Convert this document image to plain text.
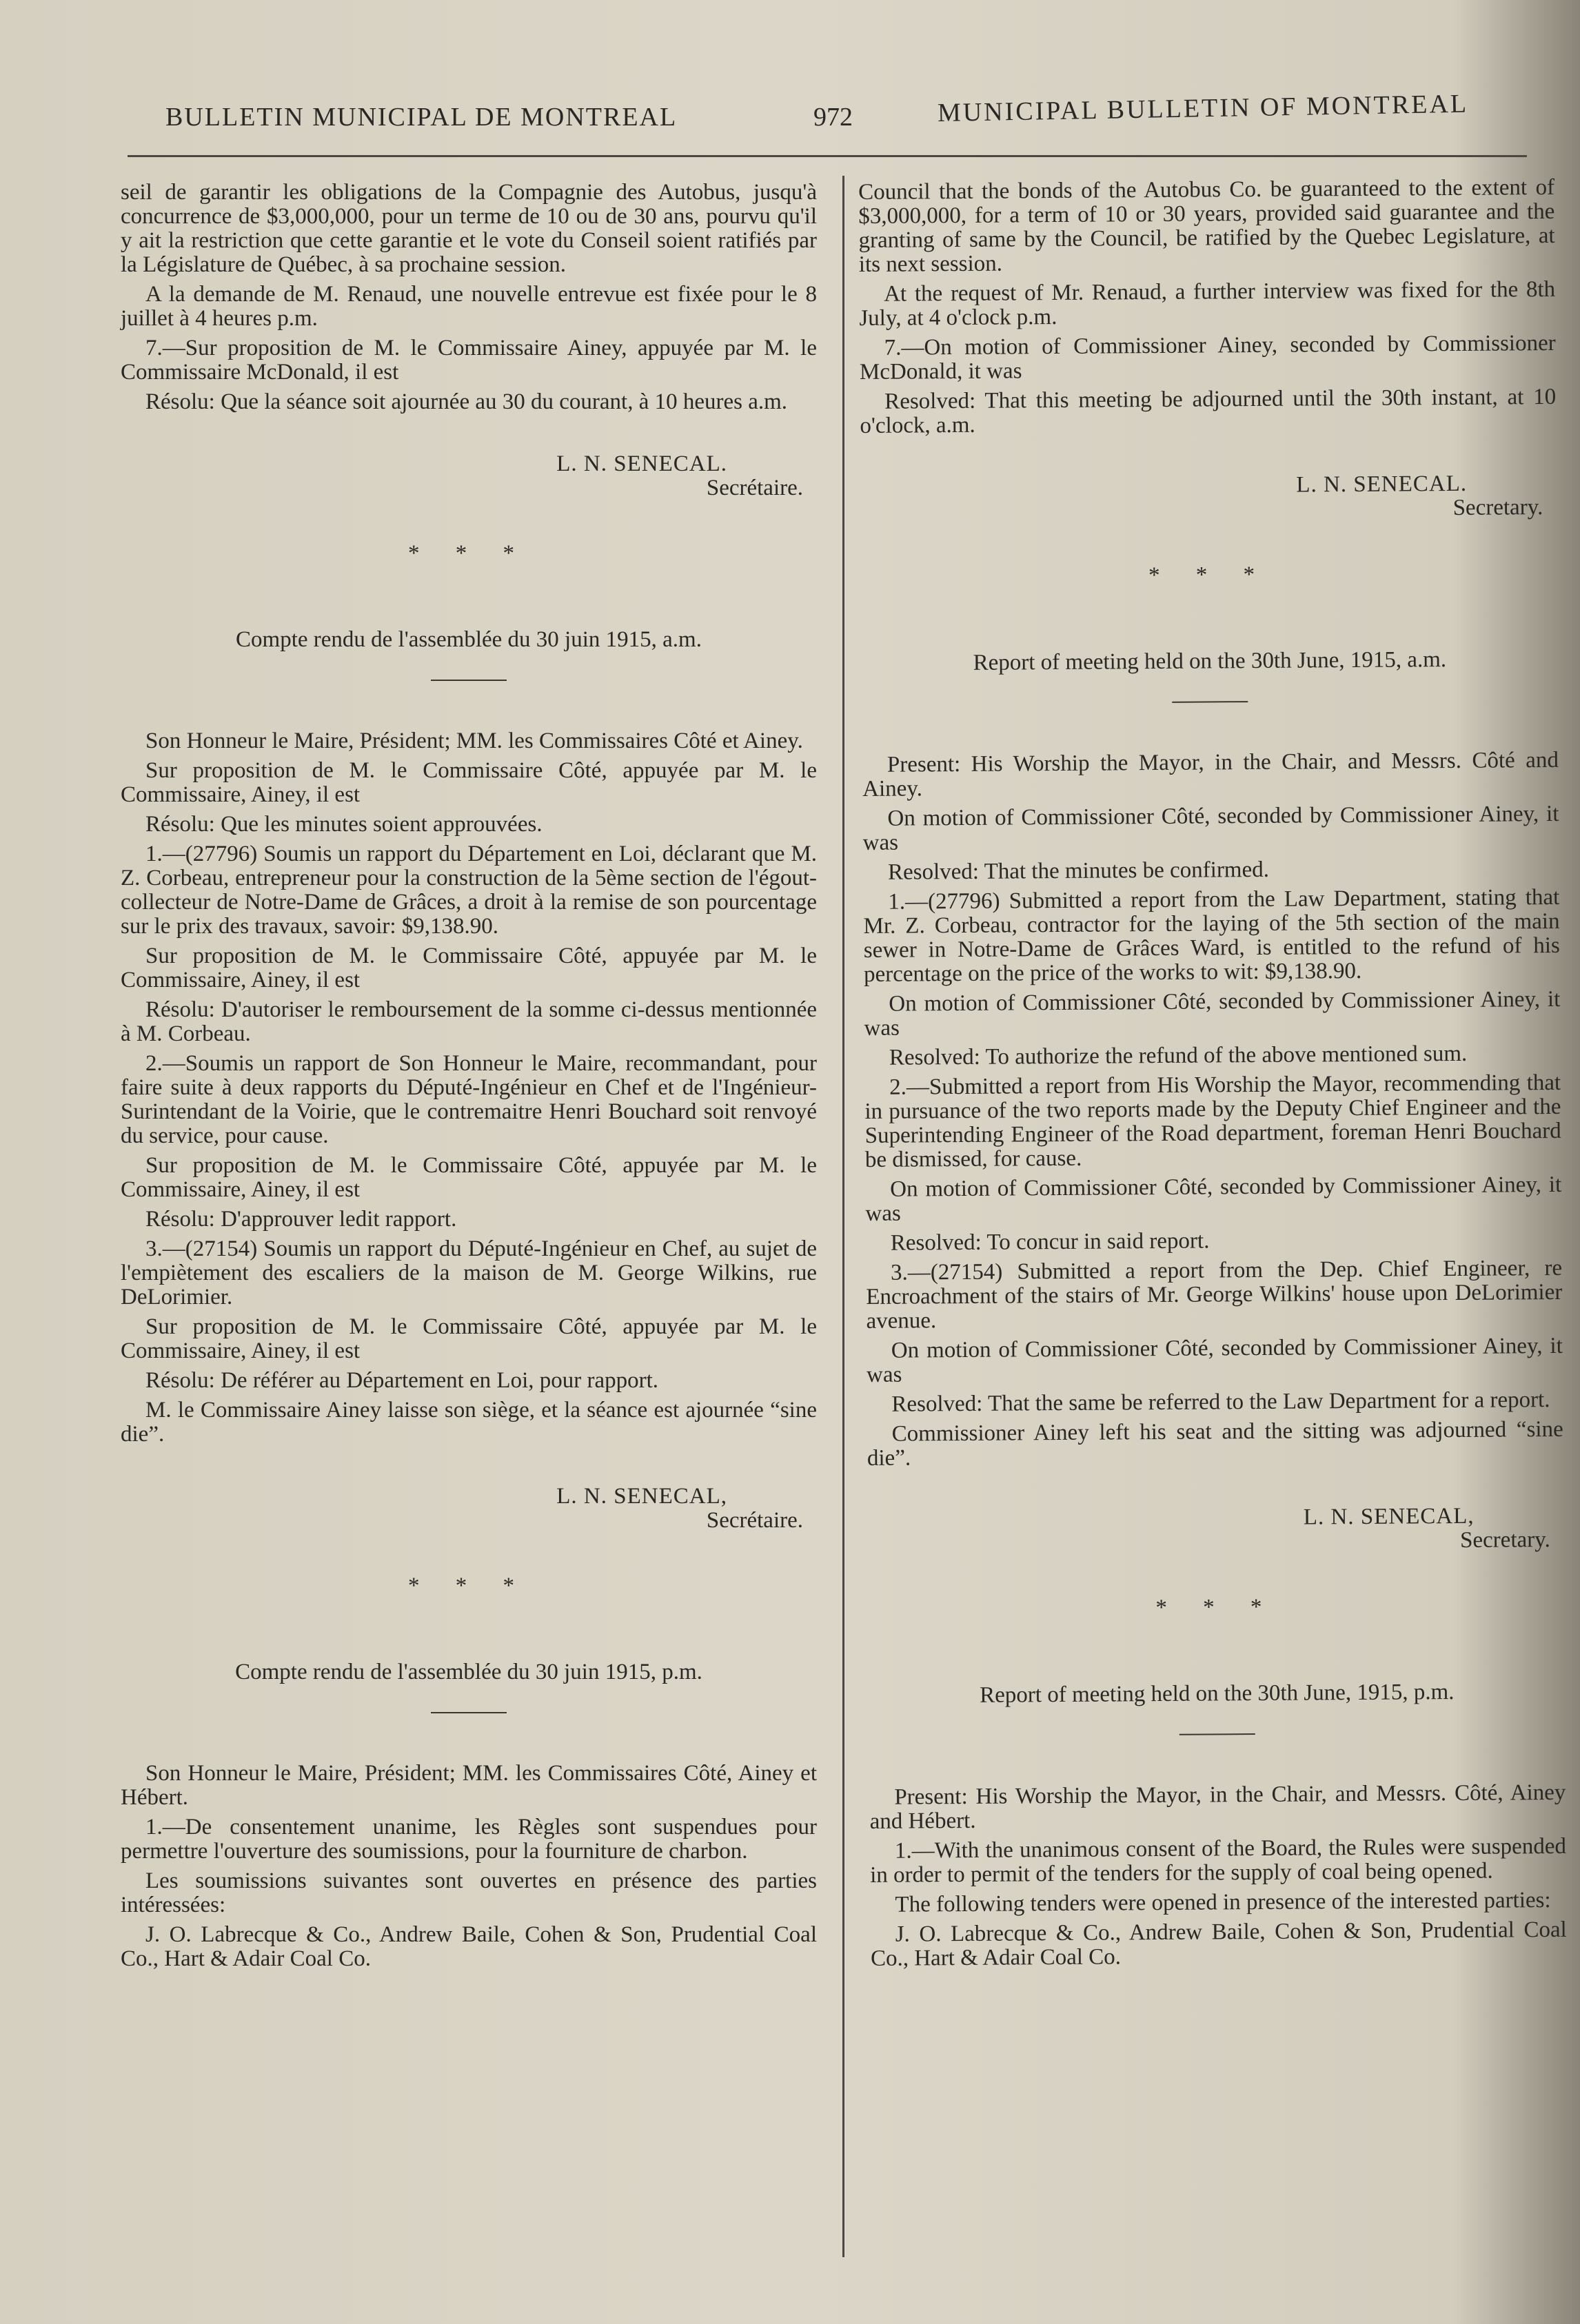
BULLETIN MUNICIPAL DE MONTREAL	972	MUNICIPAL BULLETIN OF MONTREAL

seil de garantir les obligations de la Compagnie des Autobus, jusqu'à concurrence de $3,000,000, pour un terme de 10 ou de 30 ans, pourvu qu'il y ait la restriction que cette garantie et le vote du Conseil soient ratifiés par la Législature de Québec, à sa prochaine session.

A la demande de M. Renaud, une nouvelle entrevue est fixée pour le 8 juillet à 4 heures p.m.

7.—Sur proposition de M. le Commissaire Ainey, appuyée par M. le Commissaire McDonald, il est

Résolu: Que la séance soit ajournée au 30 du courant, à 10 heures a.m.

L. N. SENECAL.
Secrétaire.
* * *
Compte rendu de l'assemblée du 30 juin 1915, a.m.

Son Honneur le Maire, Président; MM. les Commissaires Côté et Ainey.

Sur proposition de M. le Commissaire Côté, appuyée par M. le Commissaire, Ainey, il est

Résolu: Que les minutes soient approuvées.

1.—(27796) Soumis un rapport du Département en Loi, déclarant que M. Z. Corbeau, entrepreneur pour la construction de la 5ème section de l'égout-collecteur de Notre-Dame de Grâces, a droit à la remise de son pourcentage sur le prix des travaux, savoir: $9,138.90.

Sur proposition de M. le Commissaire Côté, appuyée par M. le Commissaire, Ainey, il est

Résolu: D'autoriser le remboursement de la somme ci-dessus mentionnée à M. Corbeau.

2.—Soumis un rapport de Son Honneur le Maire, recommandant, pour faire suite à deux rapports du Député-Ingénieur en Chef et de l'Ingénieur-Surintendant de la Voirie, que le contremaitre Henri Bouchard soit renvoyé du service, pour cause.

Sur proposition de M. le Commissaire Côté, appuyée par M. le Commissaire, Ainey, il est

Résolu: D'approuver ledit rapport.

3.—(27154) Soumis un rapport du Député-Ingénieur en Chef, au sujet de l'empiètement des escaliers de la maison de M. George Wilkins, rue DeLorimier.

Sur proposition de M. le Commissaire Côté, appuyée par M. le Commissaire, Ainey, il est

Résolu: De référer au Département en Loi, pour rapport.

M. le Commissaire Ainey laisse son siège, et la séance est ajournée “sine die”.

L. N. SENECAL,
Secrétaire.
* * *
Compte rendu de l'assemblée du 30 juin 1915, p.m.

Son Honneur le Maire, Président; MM. les Commissaires Côté, Ainey et Hébert.

1.—De consentement unanime, les Règles sont suspendues pour permettre l'ouverture des soumissions, pour la fourniture de charbon.

Les soumissions suivantes sont ouvertes en présence des parties intéressées:

J. O. Labrecque & Co., Andrew Baile, Cohen & Son, Prudential Coal Co., Hart & Adair Coal Co.

Council that the bonds of the Autobus Co. be guaranteed to the extent of $3,000,000, for a term of 10 or 30 years, provided said guarantee and the granting of same by the Council, be ratified by the Quebec Legislature, at its next session.

At the request of Mr. Renaud, a further interview was fixed for the 8th July, at 4 o'clock p.m.

7.—On motion of Commissioner Ainey, seconded by Commissioner McDonald, it was

Resolved: That this meeting be adjourned until the 30th instant, at 10 o'clock, a.m.

L. N. SENECAL.
Secretary.
* * *
Report of meeting held on the 30th June, 1915, a.m.

Present: His Worship the Mayor, in the Chair, and Messrs. Côté and Ainey.

On motion of Commissioner Côté, seconded by Commissioner Ainey, it was

Resolved: That the minutes be confirmed.

1.—(27796) Submitted a report from the Law Department, stating that Mr. Z. Corbeau, contractor for the laying of the 5th section of the main sewer in Notre-Dame de Grâces Ward, is entitled to the refund of his percentage on the price of the works to wit: $9,138.90.

On motion of Commissioner Côté, seconded by Commissioner Ainey, it was

Resolved: To authorize the refund of the above mentioned sum.

2.—Submitted a report from His Worship the Mayor, recommending that in pursuance of the two reports made by the Deputy Chief Engineer and the Superintending Engineer of the Road department, foreman Henri Bouchard be dismissed, for cause.

On motion of Commissioner Côté, seconded by Commissioner Ainey, it was

Resolved: To concur in said report.

3.—(27154) Submitted a report from the Dep. Chief Engineer, re Encroachment of the stairs of Mr. George Wilkins' house upon DeLorimier avenue.

On motion of Commissioner Côté, seconded by Commissioner Ainey, it was

Resolved: That the same be referred to the Law Department for a report.

Commissioner Ainey left his seat and the sitting was adjourned “sine die”.

L. N. SENECAL,
Secretary.
* * *
Report of meeting held on the 30th June, 1915, p.m.

Present: His Worship the Mayor, in the Chair, and Messrs. Côté, Ainey and Hébert.

1.—With the unanimous consent of the Board, the Rules were suspended in order to permit of the tenders for the supply of coal being opened.

The following tenders were opened in presence of the interested parties:

J. O. Labrecque & Co., Andrew Baile, Cohen & Son, Prudential Coal Co., Hart & Adair Coal Co.
